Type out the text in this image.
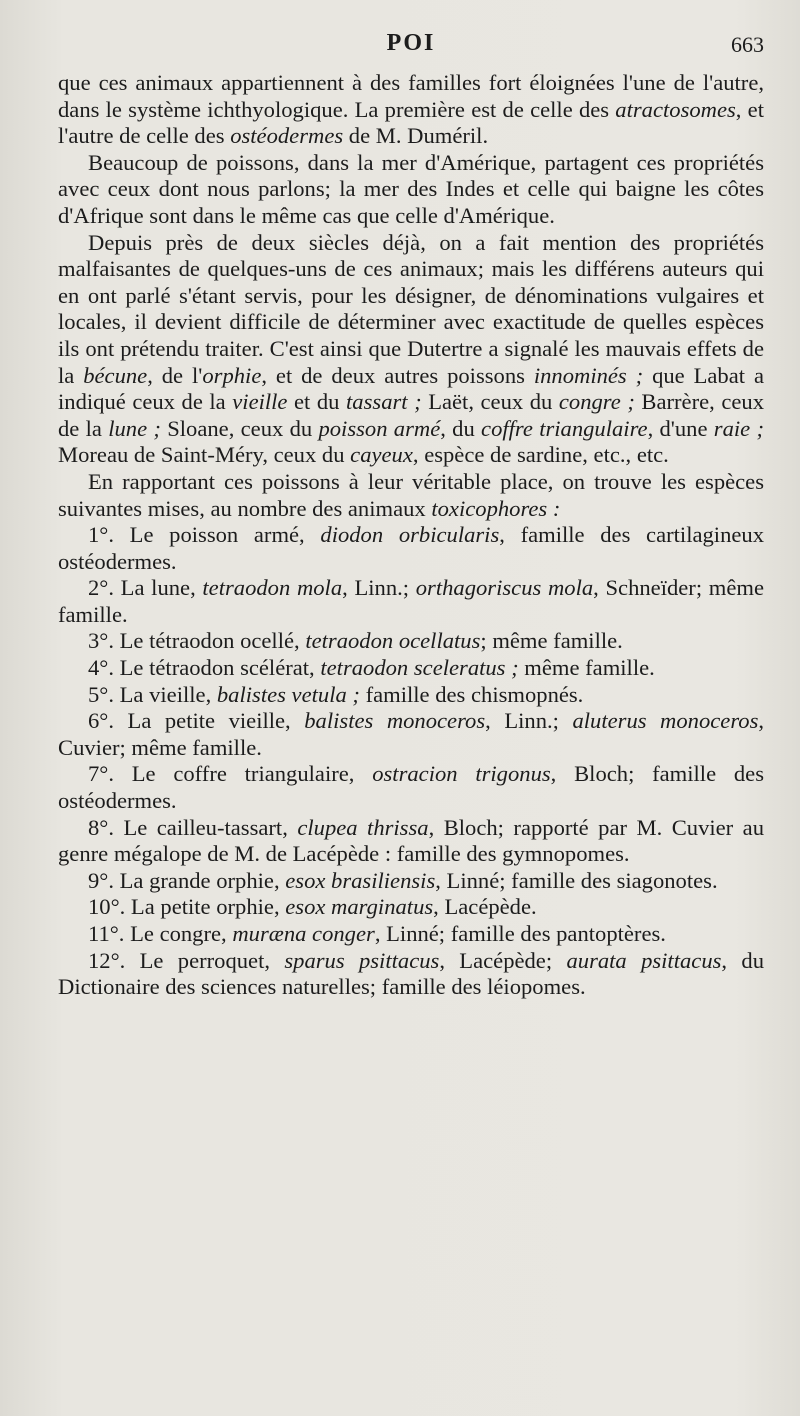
POI	663

que ces animaux appartiennent à des familles fort éloignées l'une de l'autre, dans le système ichthyologique. La première est de celle des atractosomes, et l'autre de celle des ostéodermes de M. Duméril.

Beaucoup de poissons, dans la mer d'Amérique, partagent ces propriétés avec ceux dont nous parlons; la mer des Indes et celle qui baigne les côtes d'Afrique sont dans le même cas que celle d'Amérique.

Depuis près de deux siècles déjà, on a fait mention des propriétés malfaisantes de quelques-uns de ces animaux; mais les différens auteurs qui en ont parlé s'étant servis, pour les désigner, de dénominations vulgaires et locales, il devient difficile de déterminer avec exactitude de quelles espèces ils ont prétendu traiter. C'est ainsi que Dutertre a signalé les mauvais effets de la bécune, de l'orphie, et de deux autres poissons innominés ; que Labat a indiqué ceux de la vieille et du tassart ; Laët, ceux du congre ; Barrère, ceux de la lune ; Sloane, ceux du poisson armé, du coffre triangulaire, d'une raie ; Moreau de Saint-Méry, ceux du cayeux, espèce de sardine, etc., etc.

En rapportant ces poissons à leur véritable place, on trouve les espèces suivantes mises, au nombre des animaux toxicophores :

1°. Le poisson armé, diodon orbicularis, famille des cartilagineux ostéodermes.

2°. La lune, tetraodon mola, Linn.; orthagoriscus mola, Schneïder; même famille.

3°. Le tétraodon ocellé, tetraodon ocellatus; même famille.

4°. Le tétraodon scélérat, tetraodon sceleratus ; même famille.

5°. La vieille, balistes vetula ; famille des chismopnés.

6°. La petite vieille, balistes monoceros, Linn.; aluterus monoceros, Cuvier; même famille.

7°. Le coffre triangulaire, ostracion trigonus, Bloch; famille des ostéodermes.

8°. Le cailleu-tassart, clupea thrissa, Bloch; rapporté par M. Cuvier au genre mégalope de M. de Lacépède : famille des gymnopomes.

9°. La grande orphie, esox brasiliensis, Linné; famille des siagonotes.

10°. La petite orphie, esox marginatus, Lacépède.

11°. Le congre, muræna conger, Linné; famille des pantoptères.

12°. Le perroquet, sparus psittacus, Lacépède; aurata psittacus, du Dictionaire des sciences naturelles; famille des léiopomes.
